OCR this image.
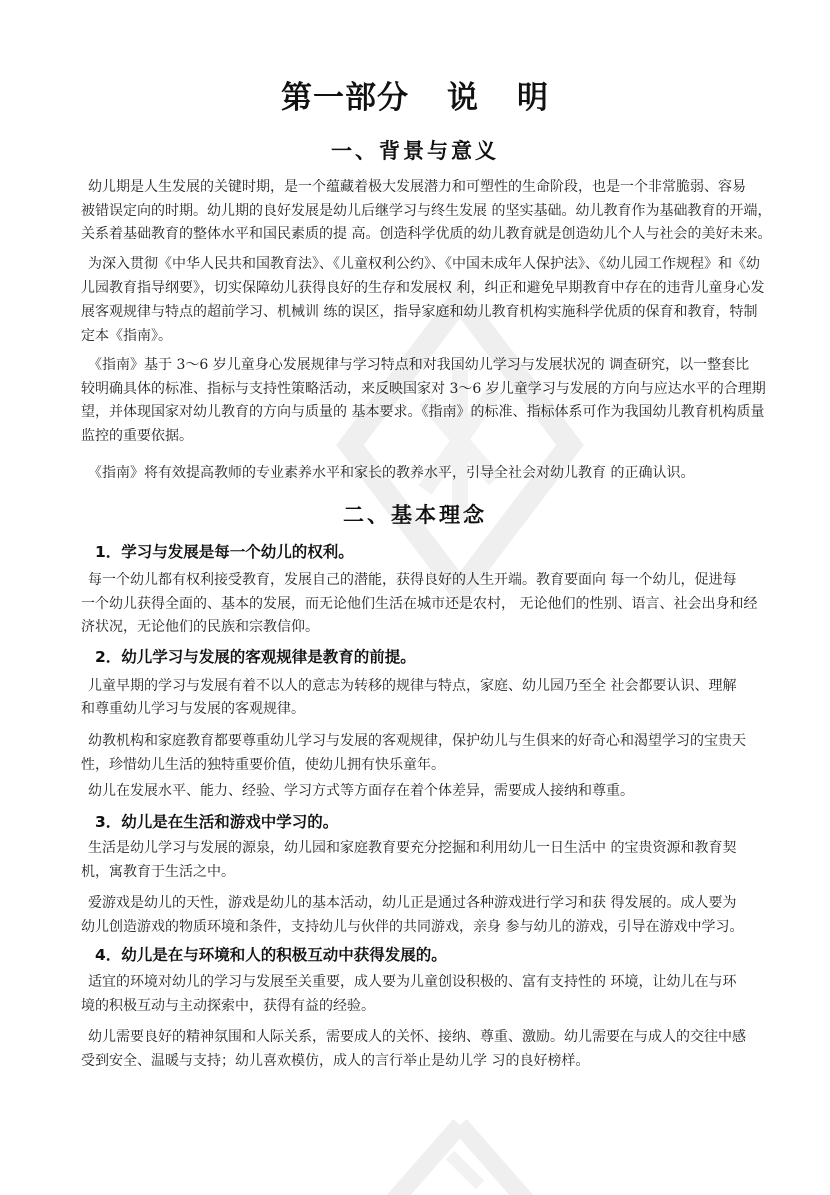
第一部分 说 明
一、背景与意义
幼儿期是人生发展的关键时期，是一个蕴藏着极大发展潜力和可塑性的生命阶段，也是一个非常脆弱、容易
被错误定向的时期。幼儿期的良好发展是幼儿后继学习与终生发展 的坚实基础。幼儿教育作为基础教育的开端，
关系着基础教育的整体水平和国民素质的提 高。创造科学优质的幼儿教育就是创造幼儿个人与社会的美好未来。
为深入贯彻《中华人民共和国教育法》、《儿童权利公约》、《中国未成年人保护法》、《幼儿园工作规程》和《幼
儿园教育指导纲要》，切实保障幼儿获得良好的生存和发展权 利，纠正和避免早期教育中存在的违背儿童身心发
展客观规律与特点的超前学习、机械训 练的误区，指导家庭和幼儿教育机构实施科学优质的保育和教育，特制
定本《指南》。
《指南》基于 3～6 岁儿童身心发展规律与学习特点和对我国幼儿学习与发展状况的 调查研究，以一整套比
较明确具体的标准、指标与支持性策略活动，来反映国家对 3～6 岁儿童学习与发展的方向与应达水平的合理期
望，并体现国家对幼儿教育的方向与质量的 基本要求。《指南》的标准、指标体系可作为我国幼儿教育机构质量
监控的重要依据。
《指南》将有效提高教师的专业素养水平和家长的教养水平，引导全社会对幼儿教育 的正确认识。
二、基本理念
1．学习与发展是每一个幼儿的权利。
每一个幼儿都有权利接受教育，发展自己的潜能，获得良好的人生开端。教育要面向 每一个幼儿，促进每
一个幼儿获得全面的、基本的发展，而无论他们生活在城市还是农村， 无论他们的性别、语言、社会出身和经
济状况，无论他们的民族和宗教信仰。
2．幼儿学习与发展的客观规律是教育的前提。
儿童早期的学习与发展有着不以人的意志为转移的规律与特点，家庭、幼儿园乃至全 社会都要认识、理解
和尊重幼儿学习与发展的客观规律。
幼教机构和家庭教育都要尊重幼儿学习与发展的客观规律，保护幼儿与生俱来的好奇心和渴望学习的宝贵天
性，珍惜幼儿生活的独特重要价值，使幼儿拥有快乐童年。
幼儿在发展水平、能力、经验、学习方式等方面存在着个体差异，需要成人接纳和尊重。
3．幼儿是在生活和游戏中学习的。
生活是幼儿学习与发展的源泉，幼儿园和家庭教育要充分挖掘和利用幼儿一日生活中 的宝贵资源和教育契
机，寓教育于生活之中。
爱游戏是幼儿的天性，游戏是幼儿的基本活动，幼儿正是通过各种游戏进行学习和获 得发展的。成人要为
幼儿创造游戏的物质环境和条件，支持幼儿与伙伴的共同游戏，亲身 参与幼儿的游戏，引导在游戏中学习。
4．幼儿是在与环境和人的积极互动中获得发展的。
适宜的环境对幼儿的学习与发展至关重要，成人要为儿童创设积极的、富有支持性的 环境，让幼儿在与环
境的积极互动与主动探索中，获得有益的经验。
幼儿需要良好的精神氛围和人际关系，需要成人的关怀、接纳、尊重、激励。幼儿需要在与成人的交往中感
受到安全、温暖与支持；幼儿喜欢模仿，成人的言行举止是幼儿学 习的良好榜样。
